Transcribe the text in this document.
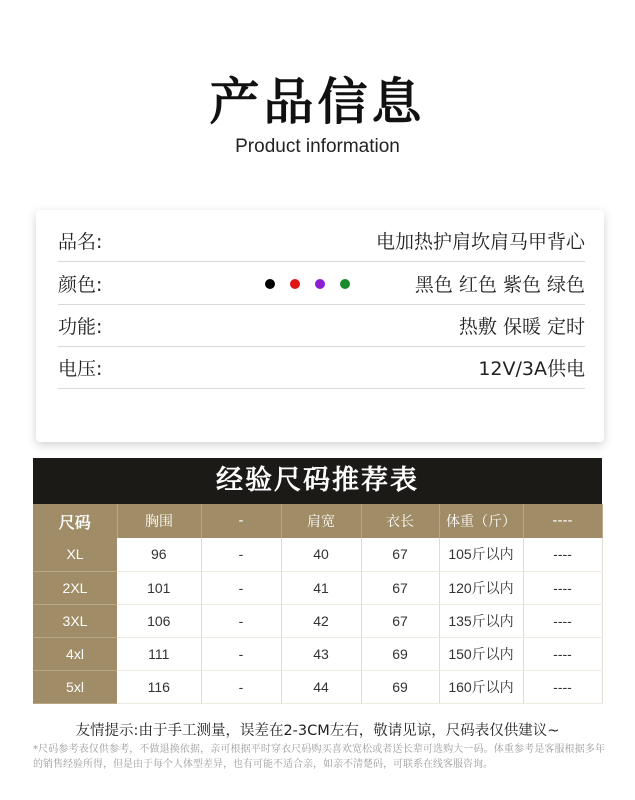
产品信息
Product information
品名:	电加热护肩坎肩马甲背心
颜色:	黑色 红色 紫色 绿色
功能:	热敷 保暖 定时
电压:	12V/3A供电
经验尺码推荐表
尺码	胸围	-	肩宽	衣长	体重（斤）	----
XL	96	-	40	67	105斤以内	----
2XL	101	-	41	67	120斤以内	----
3XL	106	-	42	67	135斤以内	----
4xl	111	-	43	69	150斤以内	----
5xl	116	-	44	69	160斤以内	----
友情提示:由于手工测量，误差在2-3CM左右，敬请见谅，尺码表仅供建议~
*尺码参考表仅供参考，不做退换依据，亲可根据平时穿衣尺码购买喜欢宽松或者送长辈可选购大一码。体重参考是客服根据多年的销售经验所得，但是由于每个人体型差异，也有可能不适合亲，如亲不清楚码，可联系在线客服咨询。
